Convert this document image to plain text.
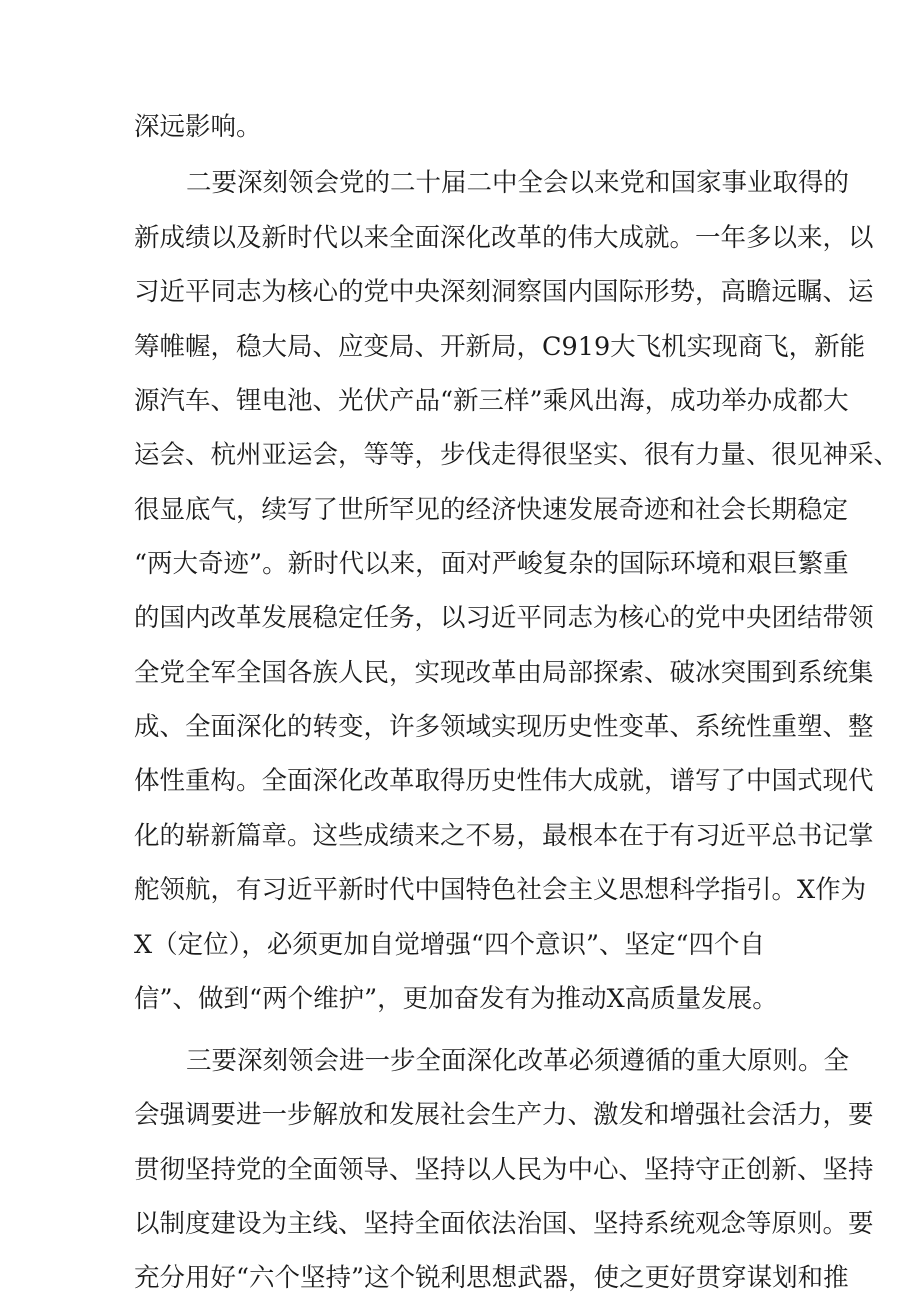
深远影响。
二要深刻领会党的二十届二中全会以来党和国家事业取得的
新成绩以及新时代以来全面深化改革的伟大成就。一年多以来，以
习近平同志为核心的党中央深刻洞察国内国际形势，高瞻远瞩、运
筹帷幄，稳大局、应变局、开新局，C919大飞机实现商飞，新能
源汽车、锂电池、光伏产品“新三样”乘风出海，成功举办成都大
运会、杭州亚运会，等等，步伐走得很坚实、很有力量、很见神采、
很显底气，续写了世所罕见的经济快速发展奇迹和社会长期稳定
“两大奇迹”。新时代以来，面对严峻复杂的国际环境和艰巨繁重
的国内改革发展稳定任务，以习近平同志为核心的党中央团结带领
全党全军全国各族人民，实现改革由局部探索、破冰突围到系统集
成、全面深化的转变，许多领域实现历史性变革、系统性重塑、整
体性重构。全面深化改革取得历史性伟大成就，谱写了中国式现代
化的崭新篇章。这些成绩来之不易，最根本在于有习近平总书记掌
舵领航，有习近平新时代中国特色社会主义思想科学指引。X作为
X（定位），必须更加自觉增强“四个意识”、坚定“四个自
信”、做到“两个维护”，更加奋发有为推动X高质量发展。
三要深刻领会进一步全面深化改革必须遵循的重大原则。全
会强调要进一步解放和发展社会生产力、激发和增强社会活力，要
贯彻坚持党的全面领导、坚持以人民为中心、坚持守正创新、坚持
以制度建设为主线、坚持全面依法治国、坚持系统观念等原则。要
充分用好“六个坚持”这个锐利思想武器，使之更好贯穿谋划和推
